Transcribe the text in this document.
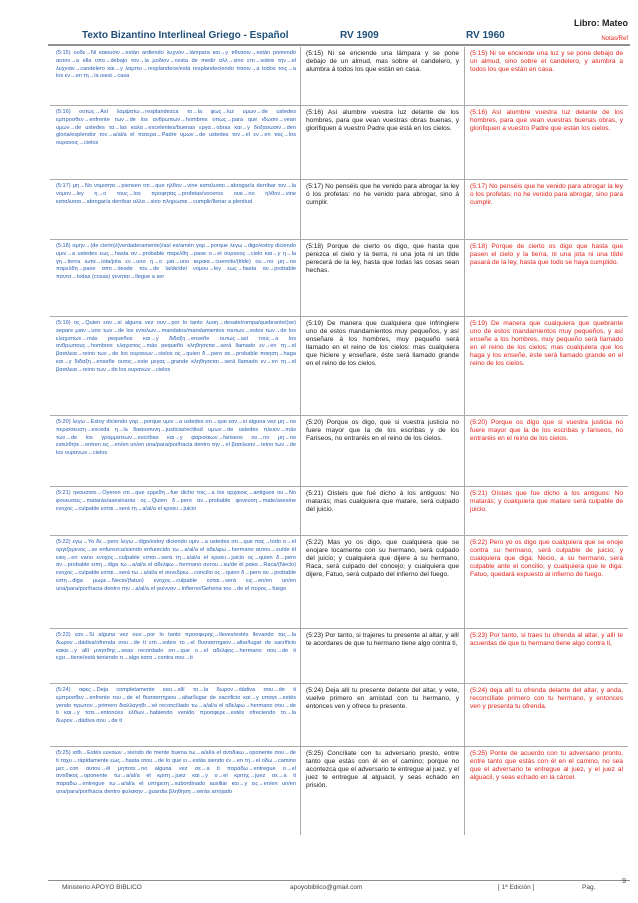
Libro: Mateo
Notas/Ref
Texto Bizantino Interlineal Griego - Español	RV 1909	RV 1960
(5:15) ουδε→Ni καιουσιν→están ardiendo λυχνον→lámpara και→y τιθεασιν→están poniendo αυτον→a ella υπο→debajo τον→la μοδιον→cesta de medir αλλ→sino επι→sobre την→el λυχνιαν→candelero και→y λαμπει→resplandece/está resplandeciendo πασιν→a todos τοις→a los εν→en τη→la οικια→casa
(5:15) Ni se enciende una lámpara y se pone debajo de un almud, mas sobre el candelero, y alumbra á todos los que están en casa.
(5:15) Ni se enciende una luz y se pone debajo de un almud, sino sobre el candelero, y alumbra a todos los que están en casa.
(5:16) ουτως→Así λαμψατω→resplandezca το→la φως→luz υμων→de ustedes εμπροσθεν→enfrente των→de los ανθρωπων→hombres οπως→para que ιδωσιν→vean υμων→de ustedes τα→las καλα→excelentes/buenas εργα→obras και→y δοξασωσιν→den gloria/esplendor τον→a/al/a el πατερα→Padre υμων→de ustedes τον→el εν→en τοις→los ουρανοις→cielos
(5:16) Así alumbre vuestra luz delante de los hombres, para que vean vuestras obras buenas, y glorifiquen á vuestro Padre que está en los cielos.
(5:16) Así alumbre vuestra luz delante de los hombres, para que vean vuestras buenas obras, y glorifiquen a vuestro Padre que están los cielos.
(5:17) μη→No νομισητε→piensen οτι→que ηλθον→vine καταλυσαι→abrogar/a derribar τον→la νομον→ley η→o τους→los προφητας→profetas/voceros ουκ→no ηλθον→vine καταλυσαι→abrogar/a derribar αλλα→sino πληρωσαι→cumplir/llenar a plenitud
(5:17) No penséis que he venido para abrogar la ley ó los profetas: no he venido para abrogar, sino á cumplir.
(5:17) No penséis que he venido para abrogar la ley o los profetas; no he venido para abrogar, sino para cumplir.
(5:18) αμην→(de cierto)/(verdaderamente)/así es/amén γαρ→porque λεγω→digo/estoy diciendo υμιν→a ustedes εως→hasta αν→probable παρελθη→pase ο→el ουρανος→cielo και→y η→la γη→tierra ιωτα→iota/jota εν→uno η→o μια→uno κεραια→cuernito/(tilde) ου→no μη→no παρελθη→pase απο→desde του→de la/de/del νομου→ley εως→hasta αν→probable παντα→todas (cosas) γενηται→llegue a ser
(5:18) Porque de cierto os digo, que hasta que perezca el cielo y la tierra, ni una jota ni un tilde perecerá de la ley, hasta que todas las cosas sean hechas.
(5:18) Porque de cierto os digo que hasta que pasen el cielo y la tierra, ni una jota ni una tilde pasará de la ley, hasta que todo se haya cumplido.
(5:19) ος→Quien εαν→si alguna vez ουν→por lo tanto λυση→desate/rompa/quebrante/(se) separe μιαν→uno των→de los εντολων→mandatos/mandamientos τουτων→estos των→de los ελαχιστων→más pequeños και→y διδαξη→enseñe ουτως→así τους→a los ανθρωπους→hombres ελαχιστος→más pequeño κληθησεται→será llamado εν→en τη→el βασιλεια→reino των→de los ουρανων→cielos ος→quien δ→pero αν→probable ποιηση→haga και→y διδαξη→enseñe ουτος→este μεγας→grande κληθησεται→será llamado εν→en τη→el βασιλεια→reino των→de los ουρανων→cielos
(5:19) De manera que cualquiera que infringiere uno de estos mandamientos muy pequeños, y así enseñare á los hombres, muy pequeño será llamado en el reino de los cielos: mas cualquiera que hiciere y enseñare, éste será llamado grande en el reino de los cielos.
(5:19) De manera que cualquiera que quebrante uno de estos mandamientos muy pequeños, y así enseñe a los hombres, muy pequeño será llamado en el reino de los cielos; mas cualquiera que los haga y los enseñe, éste será llamado grande en el reino de los cielos.
(5:20) λεγω→Estoy diciendo γαρ→porque υμιν→a ustedes οτι→que εαν→si alguna vez μη→no περισσευση→exceda η→la δικαιοσυνη→justicia/rectitud υμων→de ustedes πλειον→más των→de los γραμματεων→escribas και→y φαρισαιων→fariseos ου→no μη→no εισελθητε→entren εις→en/en un/en una/para/por/hacia dentro την→el βασιλειαν→reino των→de los ουρανων→cielos
(5:20) Porque os digo, que si vuestra justicia no fuere mayor que la de los escribas y de los Fariseos, no entraréis en el reino de los cielos.
(5:20) Porque os digo que si vuestra justicia no fuere mayor que la de los escribas y fariseos, no entraréis en el reino de los cielos.
(5:21) ηκουσατε→Oyeron οτι→que ερρεθη→fue dicho τοις→a los αρχαιοις→antiguos ου→No φονευσεις→matarás/asesinarás ος→Quien δ→pero αν→probable φονευση→mate/asesine ενοχος→culpable εσται→será τη→a/al/a el κρισει→juicio
(5:21) Oísteis que fué dicho á los antiguos: No matarás; mas cualquiera que matare, será culpado del juicio.
(5:21) Oísteis que fue dicho a los antiguos: No matarás; y cualquiera que matare será culpable de juicio.
(5:22) εγω→Yo δε→pero λεγω→digo/estoy diciendo υμιν→a ustedes οτι→que πας→todo ο→el οργιζομενος→se enfurezca/siendo enfurecido τω→a/al/a el αδελφω→hermano αυτου→su/de él εικη→en vano ενοχος→culpable εσται→será τη→a/al/a el κρισει→juicio ος→quien δ→pero αν→probable ειπη→diga τω→a/al/a el αδελφω→hermano αυτου→su/de él ρακα→Raca/(Necio) ενοχος→culpable εσται→será τω→a/al/a el συνεδριω→concilio ος→quien δ→pero αν→probable ειπη→diga μωρε→Necio/(fatuo) ενοχος→culpable εσται→será εις→en/en un/en una/para/por/hacia dentro την→a/al/a el γεενναν→Infierno/Gehena του→de el πυρος→fuego
(5:22) Mas yo os digo, que cualquiera que se enojare locamente con su hermano, será culpado del juicio; y cualquiera que dijere á su hermano, Raca, será culpado del concejo; y cualquiera que dijere, Fatuo, será culpado del infierno del fuego.
(5:22) Pero yo os digo que cualquiera que se enoje contra su hermano, será culpable de juicio; y cualquiera que diga: Necio, a su hermano, será culpable ante el concilio; y cualquiera que le diga: Fatuo, quedará expuesto al infierno de fuego.
(5:23) εαν→Si alguna vez ουν→por lo tanto προσφερης→lleves/estés llevando τας→la δωρον→dádiva/ofrenda σου→de ti επι→sobre το→el θυσιαστηριον→altar/lugar de sacrificio κακει→y allí μνησθης→seas recordado οτι→que ο→el αδελφος→hermano σου→de ti εχει→tiene/está teniendo τι→algo κατα→contra σου→ti
(5:23) Por tanto, si trajeres tu presente al altar, y allí te acordares de que tu hermano tiene algo contra ti,
(5:23) Por tanto, si traes tu ofrenda al altar, y allí te acuerdas de que tu hermano tiene algo contra ti,
(5:24) αφες→Deja completamente εκει→allí το→la δωρον→dádiva σου→de ti εμπροσθεν→enfrente του→de el θυσιαστηριου→altar/lugar de sacrificio και→y υπαγε→estés yendo πρωτον→primero διαλλαγηθι→sé reconciliado τω→a/al/a el αδελφω→hermano σου→de ti και→y τοτε→entonces ελθων→habiendo venido προσφερε→estés ofreciendo το→la δωρον→dádiva σου→de ti
(5:24) Deja allí tu presente delante del altar, y vete, vuelve primero en amistad con tu hermano, y entonces ven y ofrece tu presente.
(5:24) deja allí tu ofrenda delante del altar, y anda, reconcíliate primero con tu hermano, y entonces ven y presenta tu ofrenda.
(5:25) ισθι→Estés ευνοων→siendo de mente buena τω→a/al/a el αντιδικω→oponente σου→de ti ταχυ→rápidamente εως→hasta οτου→de lo que ει→estás siendo εν→en τη→el οδω→camino μετ→con αυτου→él μηποτε→no alguna vez σε→a ti παραδω→entregue ο→el αντιδικος→oponente τω→a/al/a el κριτη→juez και→y ο→el κριτης→juez σε→a ti παραδω→entregue τω→a/al/a el υπηρετη→subordinado auxiliar και→y εις→en/en un/en una/para/por/hacia dentro φυλακην→guardia βληθηση→serás arrojado
(5:25) Concíliate con tu adversario presto, entre tanto que estás con él en el camino; porque no acontezca que el adversario te entregue al juez, y el juez te entregue al alguacil, y seas echado en prisión.
(5:25) Ponte de acuerdo con tu adversario pronto, entre tanto que estás con él en el camino, no sea que el adversario te entregue al juez, y el juez al alguacil, y seas echado en la cárcel.
Ministerio APOYO BIBLICO	apoyobiblico@gmail.com	[ 1ª Edición ]	Pag.
9
